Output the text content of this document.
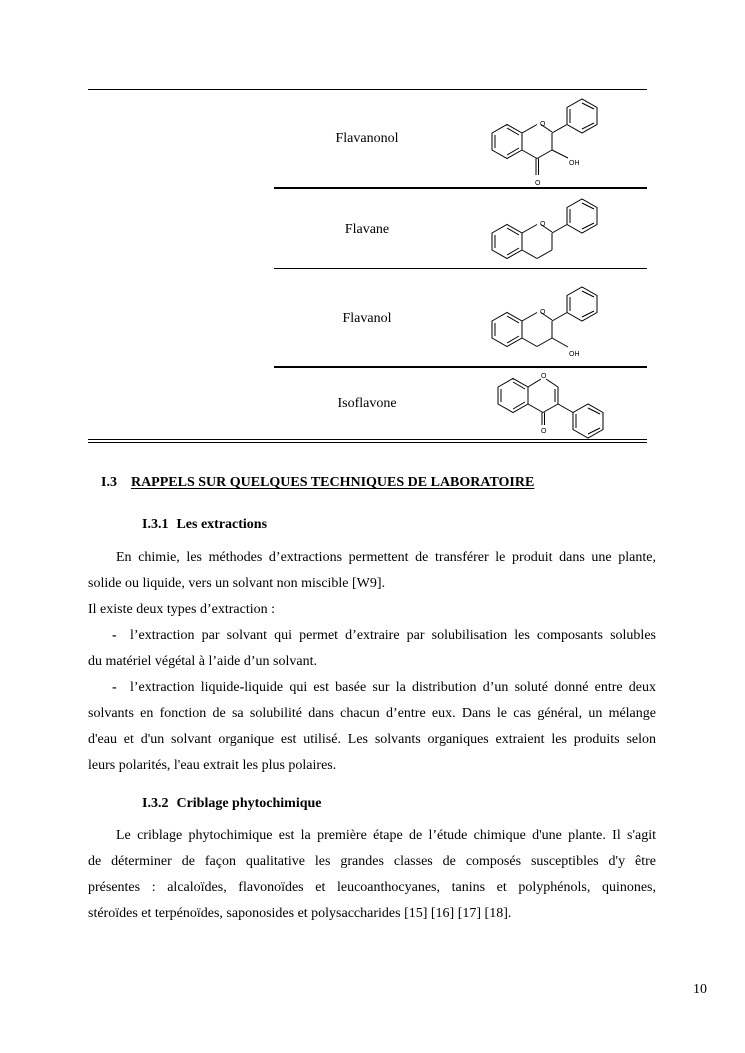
Flavanonol
Flavane
Flavanol
Isoflavone
O
OH
O
O
O
OH
O
O
I.3 RAPPELS SUR QUELQUES TECHNIQUES DE LABORATOIRE
I.3.1 Les extractions
En chimie, les méthodes d’extractions permettent de transférer le produit dans une plante,
solide ou liquide, vers un solvant non miscible [W9].
Il existe deux types d’extraction :
- l’extraction par solvant qui permet d’extraire par solubilisation les composants solubles
du matériel végétal à l’aide d’un solvant.
- l’extraction liquide-liquide qui est basée sur la distribution d’un soluté donné entre deux
solvants en fonction de sa solubilité dans chacun d’entre eux. Dans le cas général, un mélange
d'eau et d'un solvant organique est utilisé. Les solvants organiques extraient les produits selon
leurs polarités, l'eau extrait les plus polaires.
I.3.2 Criblage phytochimique
Le criblage phytochimique est la première étape de l’étude chimique d'une plante. Il s'agit
de déterminer de façon qualitative les grandes classes de composés susceptibles d'y être
présentes : alcaloïdes, flavonoïdes et leucoanthocyanes, tanins et polyphénols, quinones,
stéroïdes et terpénoïdes, saponosides et polysaccharides [15] [16] [17] [18].
10
